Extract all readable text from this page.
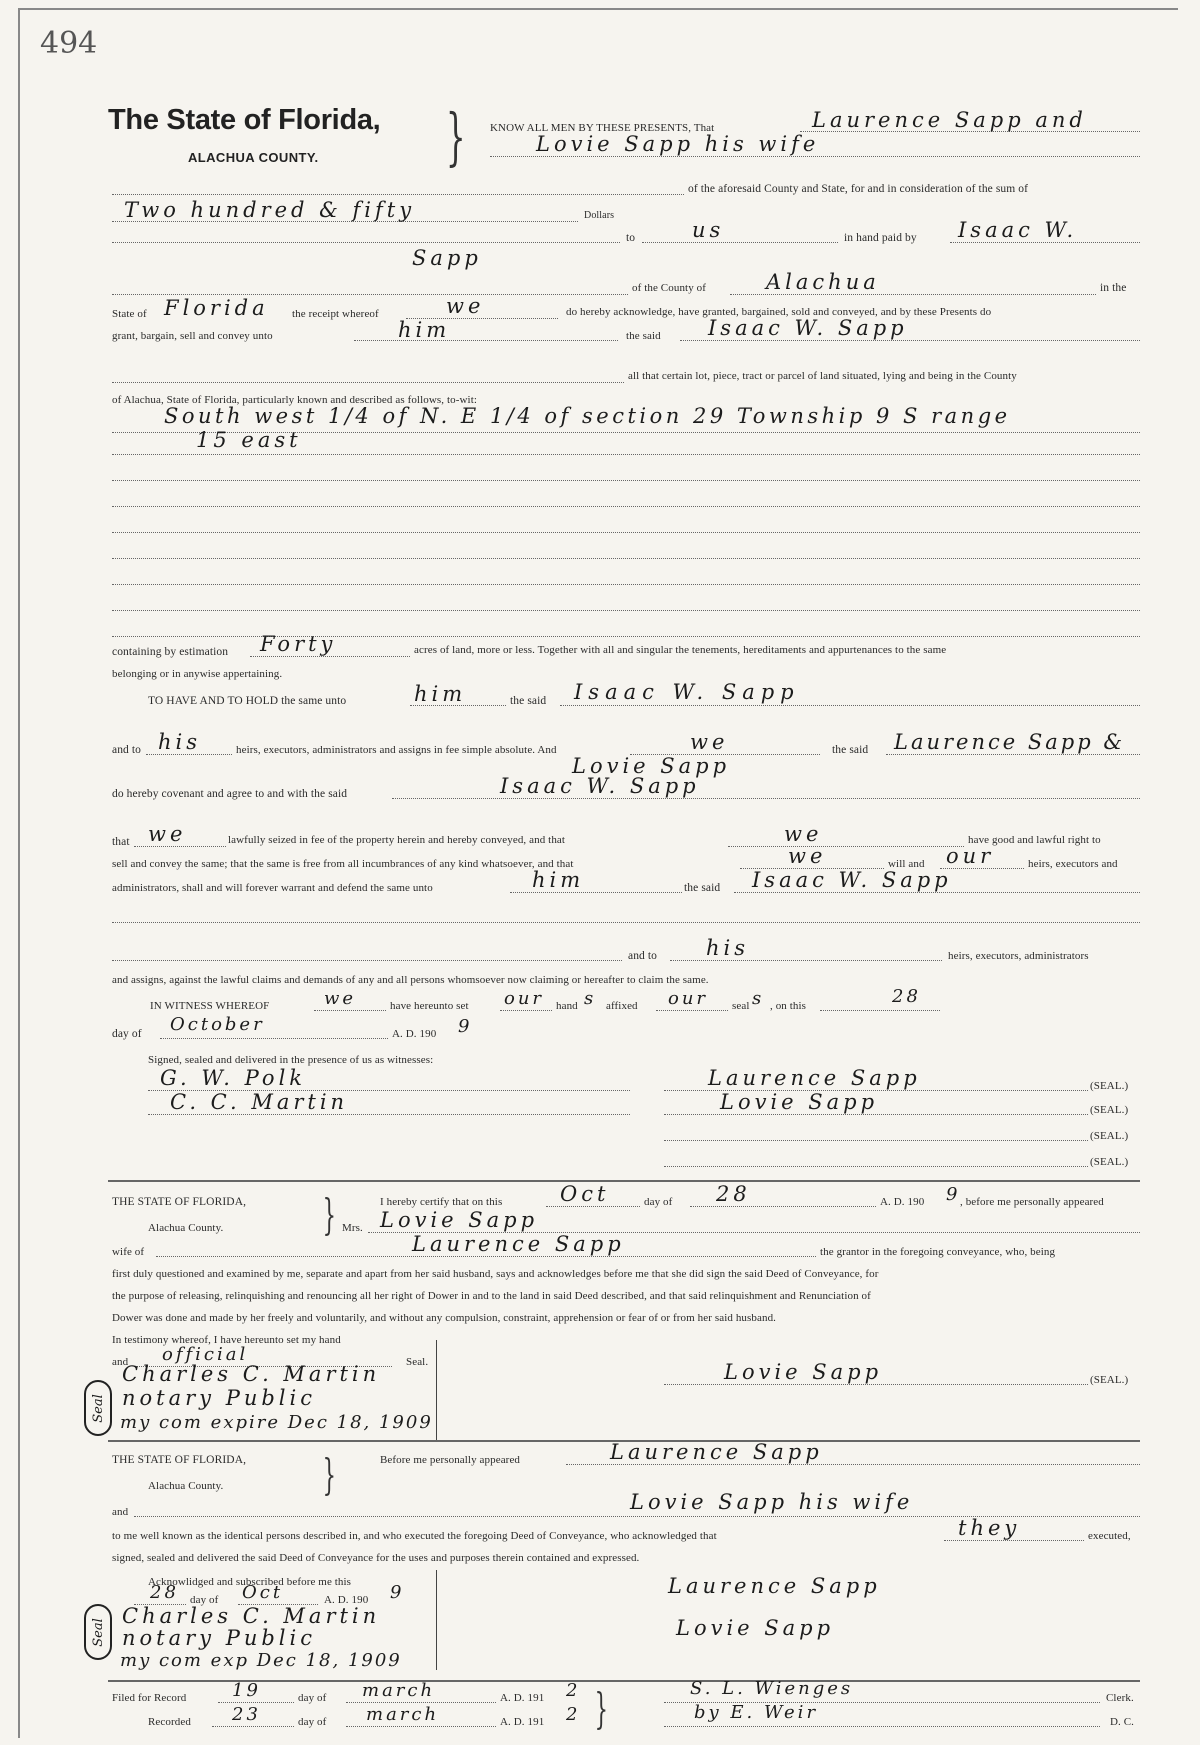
494
The State of Florida,
ALACHUA COUNTY. } KNOW ALL MEN BY THESE PRESENTS, That	Laurence Sapp and
Lovie Sapp his wife
of the aforesaid County and State, for and in consideration of the sum of
Two hundred & fifty	Dollars
to	us	in hand paid by Isaac W.
Sapp
of the County of	Alachua	in the
State of Florida the receipt whereof	we	do hereby acknowledge, have granted, bargained, sold and conveyed, and by these Presents do
grant, bargain, sell and convey unto	him	the said Isaac W. Sapp
all that certain lot, piece, tract or parcel of land situated, lying and being in the County
of Alachua, State of Florida, particularly known and described as follows, to-wit:
South west 1/4 of N. E 1/4 of section 29 Township 9 S range
15 east
containing by estimation Forty	acres of land, more or less. Together with all and singular the tenements, hereditaments and appurtenances to the same
belonging or in anywise appertaining.
TO HAVE AND TO HOLD the same unto	him	the said Isaac W. Sapp
and to his	heirs, executors, administrators and assigns in fee simple absolute. And	we	the said Laurence Sapp &
Lovie Sapp
do hereby covenant and agree to and with the said	Isaac W. Sapp
that we	lawfully seized in fee of the property herein and hereby conveyed, and that	we	have good and lawful right to
sell and convey the same; that the same is free from all incumbrances of any kind whatsoever, and that	we	will and our	heirs, executors and
administrators, shall and will forever warrant and defend the same unto	him	the said Isaac W. Sapp
and to his	heirs, executors, administrators
and assigns, against the lawful claims and demands of any and all persons whomsoever now claiming or hereafter to claim the same.
IN WITNESS WHEREOF	we	have hereunto set our hand s affixed our seal s , on this	28
day of October	A. D. 190 9
Signed, sealed and delivered in the presence of us as witnesses:
G. W. Polk
C. C. Martin
Laurence Sapp	(SEAL.)
Lovie Sapp	(SEAL.)
(SEAL.)
(SEAL.)
THE STATE OF FLORIDA, }
Alachua County.
I hereby certify that on this	Oct	day of 28	A. D. 190 9 , before me personally appeared
Mrs. Lovie Sapp
wife of	Laurence Sapp	the grantor in the foregoing conveyance, who, being
first duly questioned and examined by me, separate and apart from her said husband, says and acknowledges before me that she did sign the said Deed of Conveyance, for
the purpose of releasing, relinquishing and renouncing all her right of Dower in and to the land in said Deed described, and that said relinquishment and Renunciation of
Dower was done and made by her freely and voluntarily, and without any compulsion, constraint, apprehension or fear of or from her said husband.
In testimony whereof, I have hereunto set my hand
and official	Seal.
Charles C. Martin
notary Public
my com expire Dec 18, 1909
Seal
Lovie Sapp	(SEAL.)
THE STATE OF FLORIDA, }
Alachua County.
Before me personally appeared	Laurence Sapp
and	Lovie Sapp his wife
to me well known as the identical persons described in, and who executed the foregoing Deed of Conveyance, who acknowledged that	they	executed,
signed, sealed and delivered the said Deed of Conveyance for the uses and purposes therein contained and expressed.
Acknowlidged and subscribed before me this
28 day of Oct	A. D. 190 9
Charles C. Martin
notary Public
my com exp Dec 18, 1909
Seal
Laurence Sapp
Lovie Sapp
Filed for Record	19	day of march	A. D. 191 2 }	S. L. Wienges	Clerk.
Recorded 23	day of march	A. D. 191 2	by E. Weir	D. C.
